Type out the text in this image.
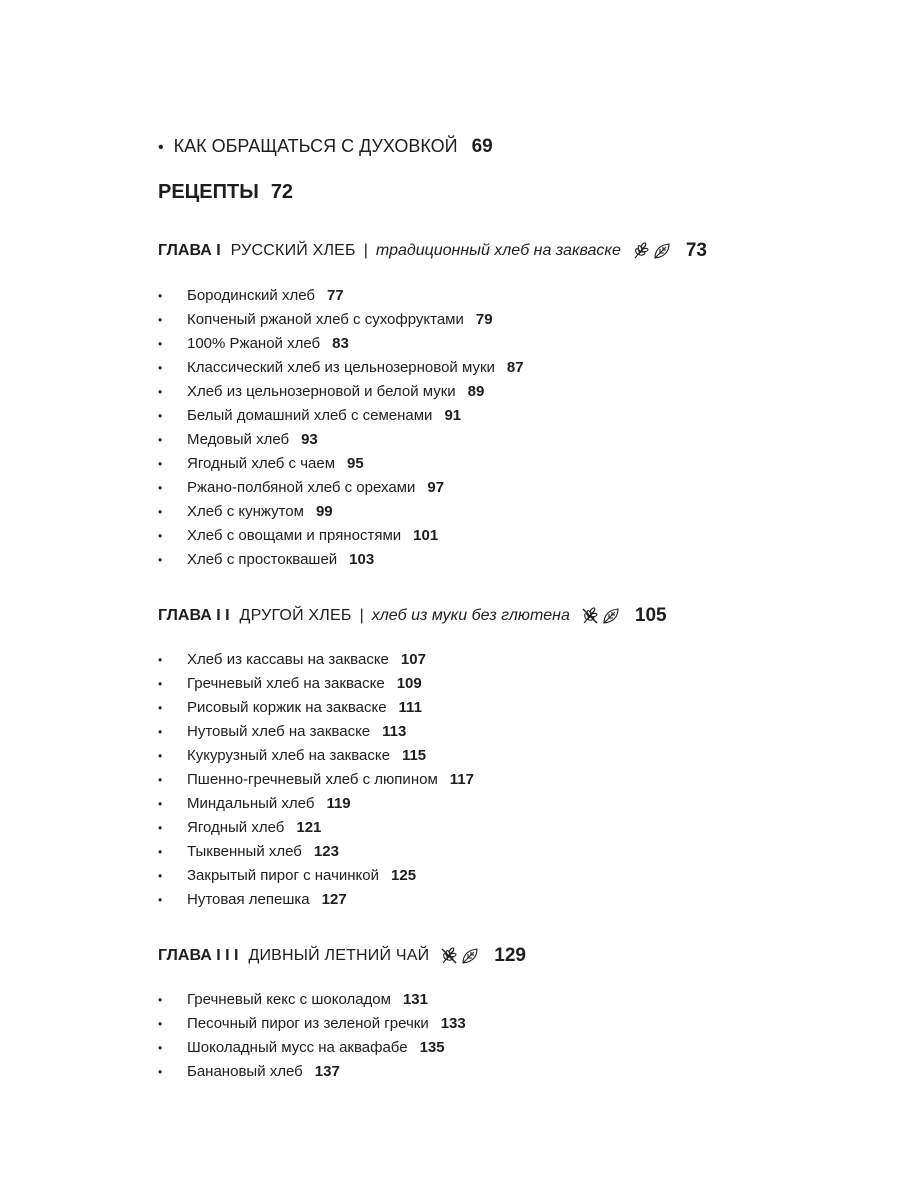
• КАК ОБРАЩАТЬСЯ С ДУХОВКОЙ 69
РЕЦЕПТЫ 72
ГЛАВА I РУССКИЙ ХЛЕБ | традиционный хлеб на закваске	73
•	Бородинский хлеб 77
•	Копченый ржаной хлеб с сухофруктами 79
•	100% Ржаной хлеб 83
•	Классический хлеб из цельнозерновой муки 87
•	Хлеб из цельнозерновой и белой муки 89
•	Белый домашний хлеб с семенами 91
•	Медовый хлеб 93
•	Ягодный хлеб с чаем 95
•	Ржано-полбяной хлеб с орехами 97
•	Хлеб с кунжутом 99
•	Хлеб с овощами и пряностями 101
•	Хлеб с простоквашей 103
ГЛАВА I I ДРУГОЙ ХЛЕБ | хлеб из муки без глютена	105
•	Хлеб из кассавы на закваске 107
•	Гречневый хлеб на закваске 109
•	Рисовый коржик на закваске 111
•	Нутовый хлеб на закваске 113
•	Кукурузный хлеб на закваске 115
•	Пшенно-гречневый хлеб с люпином 117
•	Миндальный хлеб 119
•	Ягодный хлеб 121
•	Тыквенный хлеб 123
•	Закрытый пирог с начинкой 125
•	Нутовая лепешка 127
ГЛАВА I I I ДИВНЫЙ ЛЕТНИЙ ЧАЙ	129
•	Гречневый кекс с шоколадом 131
•	Песочный пирог из зеленой гречки 133
•	Шоколадный мусс на аквафабе 135
•	Банановый хлеб 137
